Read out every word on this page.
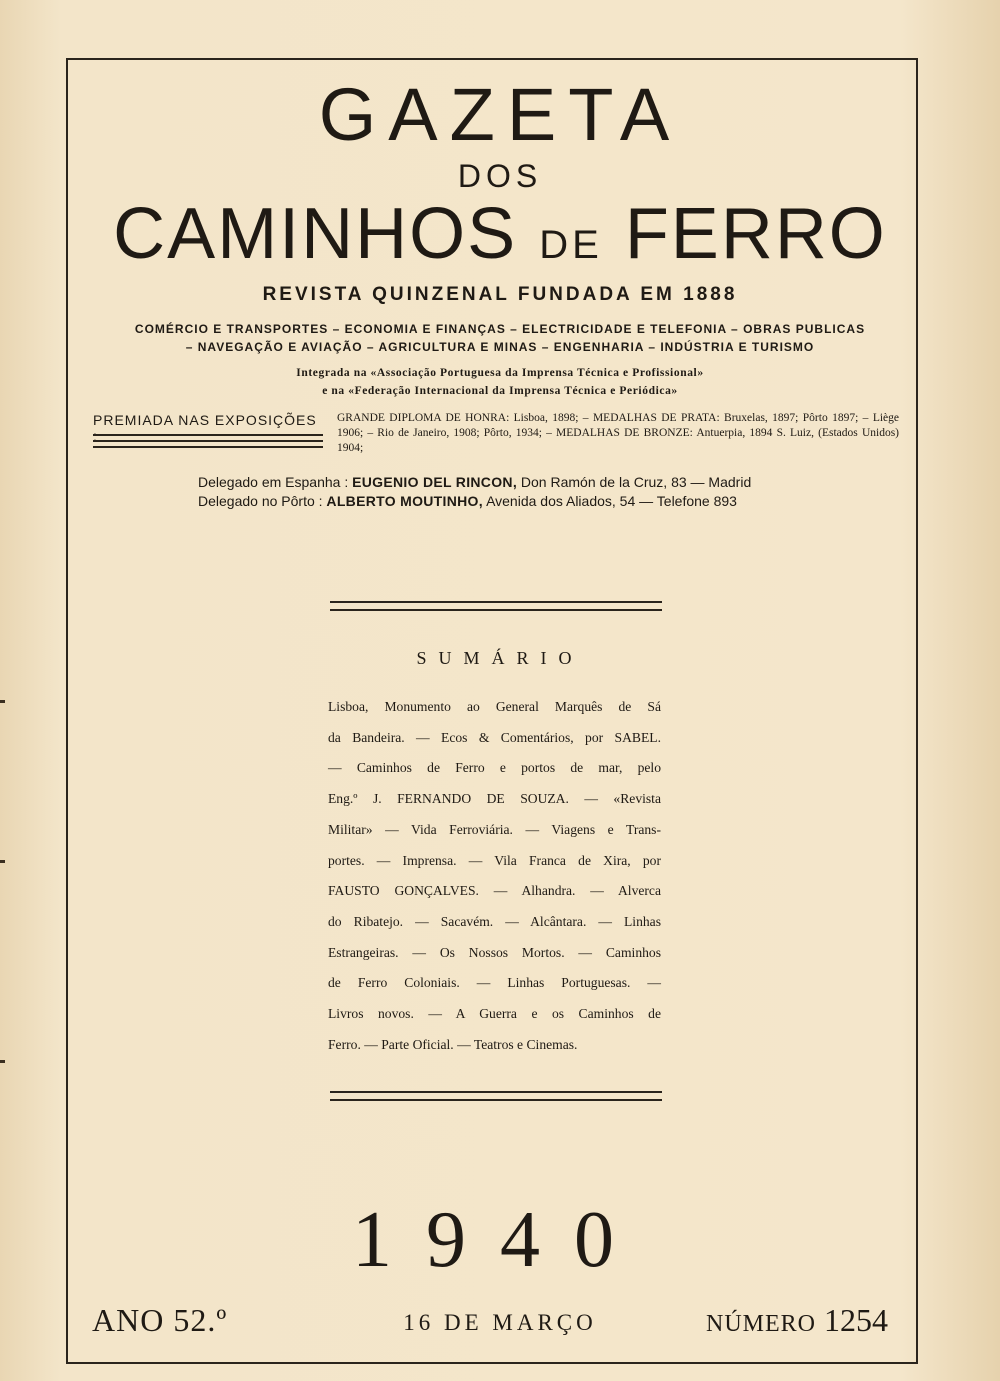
GAZETA
DOS
CAMINHOS DE FERRO
REVISTA QUINZENAL FUNDADA EM 1888
COMÉRCIO E TRANSPORTES – ECONOMIA E FINANÇAS – ELECTRICIDADE E TELEFONIA – OBRAS PUBLICAS
– NAVEGAÇÃO E AVIAÇÃO – AGRICULTURA E MINAS – ENGENHARIA – INDÚSTRIA E TURISMO
Integrada na «Associação Portuguesa da Imprensa Técnica e Profissional»
e na «Federação Internacional da Imprensa Técnica e Periódica»
PREMIADA NAS EXPOSIÇÕES :
GRANDE DIPLOMA DE HONRA: Lisboa, 1898; – MEDALHAS DE PRATA: Bruxelas, 1897; Pôrto 1897; – Liège 1906; – Rio de Janeiro, 1908; Pôrto, 1934; – MEDALHAS DE BRONZE: Antuerpia, 1894 S. Luiz, (Estados Unidos) 1904;
Delegado em Espanha : EUGENIO DEL RINCON, Don Ramón de la Cruz, 83 — Madrid
Delegado no Pôrto : ALBERTO MOUTINHO, Avenida dos Aliados, 54 — Telefone 893
SUMÁRIO
Lisboa, Monumento ao General Marquês de Sá
da Bandeira. — Ecos & Comentários, por SABEL.
— Caminhos de Ferro e portos de mar, pelo
Eng.º J. FERNANDO DE SOUZA. — «Revista
Militar» — Vida Ferroviária. — Viagens e Trans-
portes. — Imprensa. — Vila Franca de Xira, por
FAUSTO GONÇALVES. — Alhandra. — Alverca
do Ribatejo. — Sacavém. — Alcântara. — Linhas
Estrangeiras. — Os Nossos Mortos. — Caminhos
de Ferro Coloniais. — Linhas Portuguesas. —
Livros novos. — A Guerra e os Caminhos de
Ferro. — Parte Oficial. — Teatros e Cinemas.
1940
ANO 52.º	16 DE MARÇO	NÚMERO 1254
